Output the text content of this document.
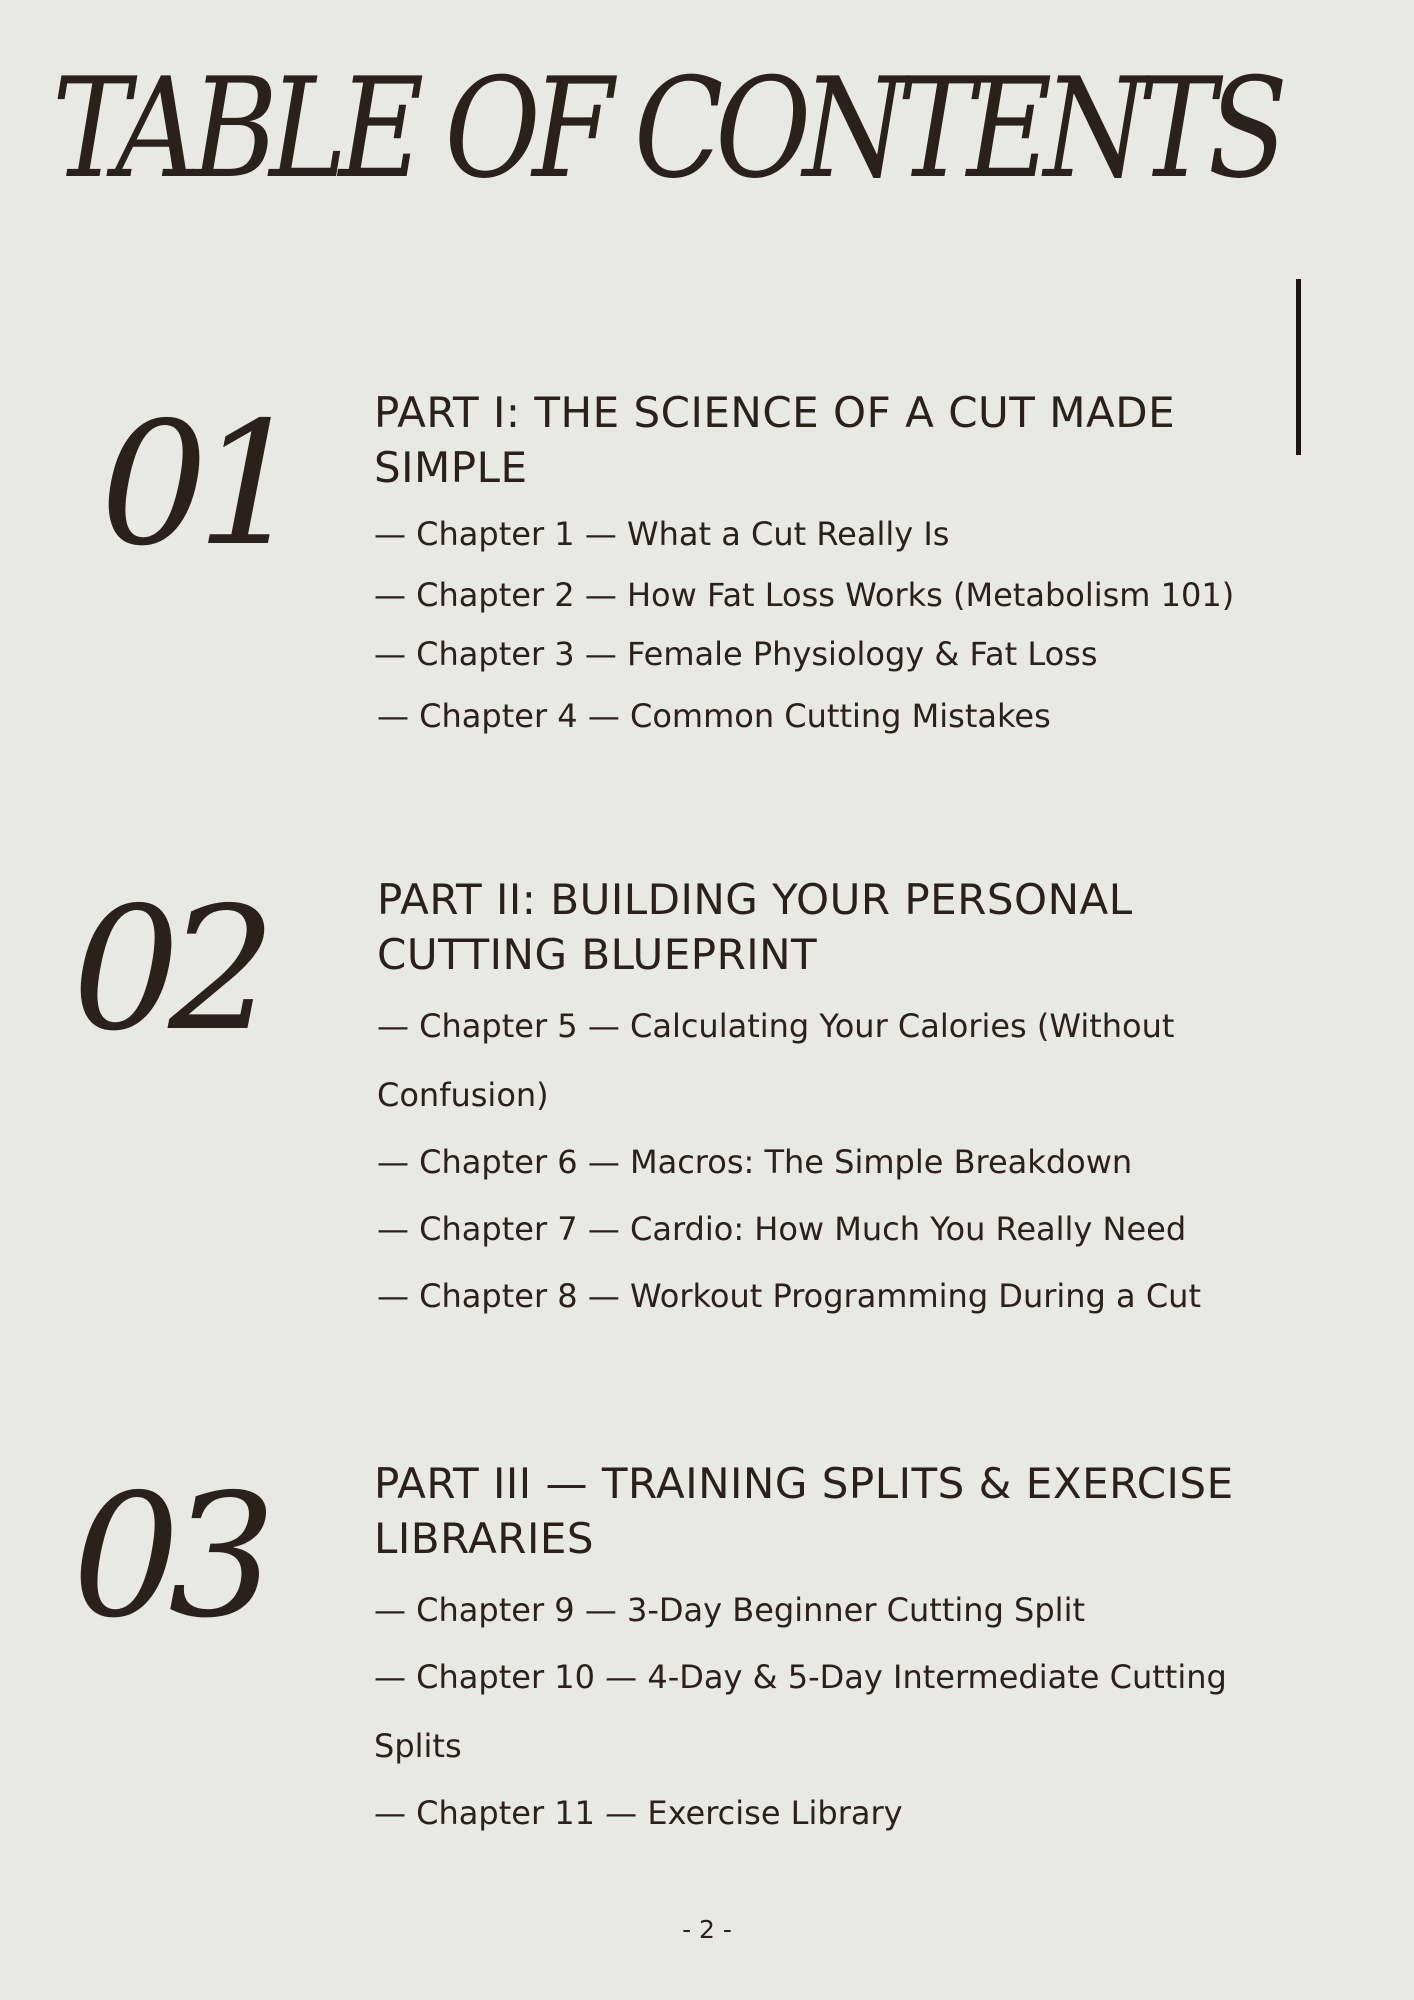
TABLE OF CONTENTS
01 PART I: THE SCIENCE OF A CUT MADE
SIMPLE
— Chapter 1 — What a Cut Really Is
— Chapter 2 — How Fat Loss Works (Metabolism 101)
— Chapter 3 — Female Physiology & Fat Loss
— Chapter 4 — Common Cutting Mistakes
02	PART II: BUILDING YOUR PERSONAL
CUTTING BLUEPRINT
— Chapter 5 — Calculating Your Calories (Without
Confusion)
— Chapter 6 — Macros: The Simple Breakdown
— Chapter 7 — Cardio: How Much You Really Need
— Chapter 8 — Workout Programming During a Cut
03	PART III — TRAINING SPLITS & EXERCISE
LIBRARIES
— Chapter 9 — 3-Day Beginner Cutting Split
— Chapter 10 — 4-Day & 5-Day Intermediate Cutting
Splits
— Chapter 11 — Exercise Library
- 2 -
